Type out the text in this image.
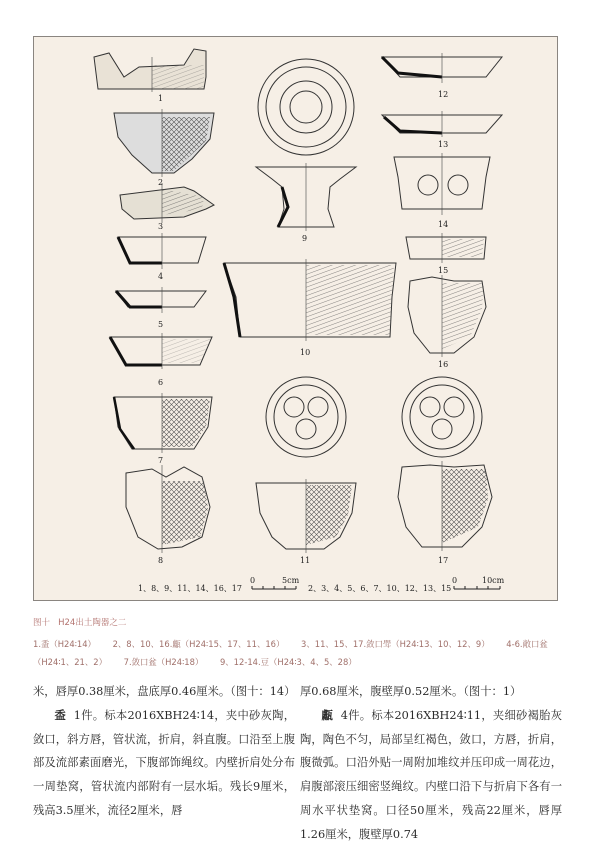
1
2
3
4
5
6
7
8
9
10
11
12
13
14
15
16
17
1、8、9、11、14、16、17
0	5cm
2、3、4、5、6、7、10、12、13、15
0	10cm
图十 H24出土陶器之二
1.盉（H24∶14） 2、8、10、16.甗（H24∶15、17、11、16） 3、11、15、17.敛口斝（H24∶13、10、12、9） 4-6.敞口盆（H24∶1、21、2） 7.敛口盆（H24∶18） 9、12-14.豆（H24∶3、4、5、28）

米，唇厚0.38厘米，盘底厚0.46厘米。（图十：14）

盉 1件。标本2016XBH24∶14，夹中砂灰陶，敛口，斜方唇，管状流，折肩，斜直腹。口沿至上腹部及流部素面磨光，下腹部饰绳纹。内壁折肩处分布一周垫窝，管状流内部附有一层水垢。残长9厘米，残高3.5厘米，流径2厘米，唇

厚0.68厘米，腹壁厚0.52厘米。（图十：1）

甗 4件。标本2016XBH24∶11，夹细砂褐胎灰陶，陶色不匀，局部呈红褐色，敛口，方唇，折肩，腹微弧。口沿外贴一周附加堆纹并压印成一周花边，肩腹部滚压细密竖绳纹。内壁口沿下与折肩下各有一周水平状垫窝。口径50厘米，残高22厘米，唇厚1.26厘米，腹壁厚0.74
